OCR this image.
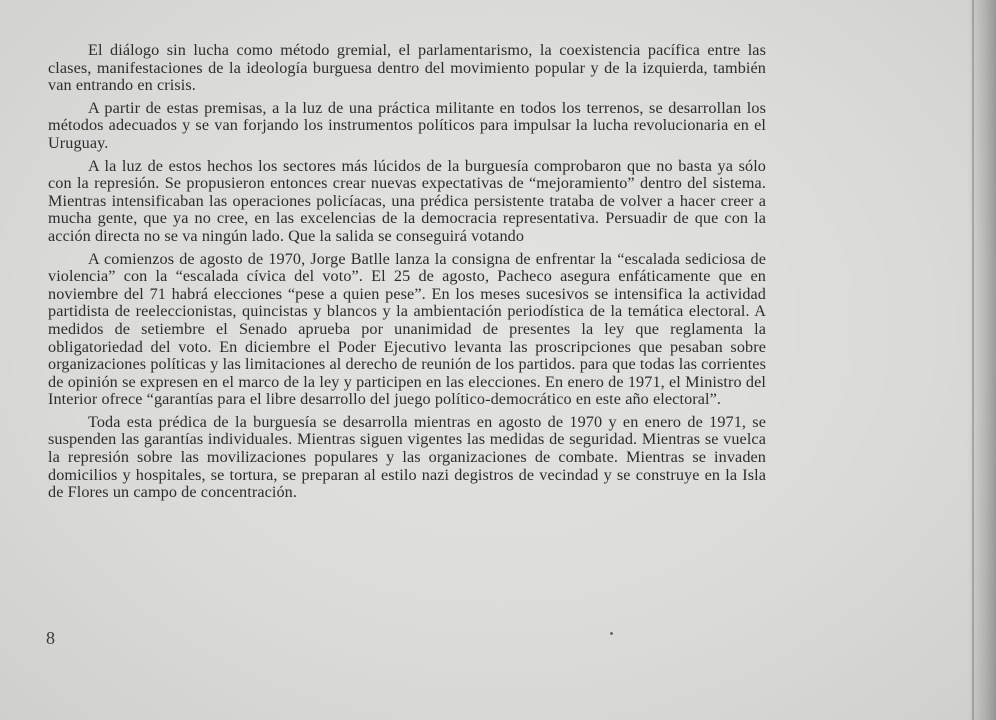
El diálogo sin lucha como método gremial, el parlamentarismo, la coexistencia pacífica entre las clases, manifestaciones de la ideología burguesa dentro del movimiento popular y de la izquierda, también van entrando en crisis.

A partir de estas premisas, a la luz de una práctica militante en todos los terrenos, se desarrollan los métodos adecuados y se van forjando los instrumentos políticos para impulsar la lucha revolucionaria en el Uruguay.

A la luz de estos hechos los sectores más lúcidos de la burguesía comprobaron que no basta ya sólo con la represión. Se propusieron entonces crear nuevas expectativas de “mejoramiento” dentro del sistema. Mientras intensificaban las operaciones policíacas, una prédica persistente trataba de volver a hacer creer a mucha gente, que ya no cree, en las excelencias de la democracia representativa. Persuadir de que con la acción directa no se va ningún lado. Que la salida se conseguirá votando

A comienzos de agosto de 1970, Jorge Batlle lanza la consigna de enfrentar la “escalada sediciosa de violencia” con la “escalada cívica del voto”. El 25 de agosto, Pacheco asegura enfáticamente que en noviembre del 71 habrá elecciones “pese a quien pese”. En los meses sucesivos se intensifica la actividad partidista de reeleccionistas, quincistas y blancos y la ambientación periodística de la temática electoral. A medidos de setiembre el Senado aprueba por unanimidad de presentes la ley que reglamenta la obligatoriedad del voto. En diciembre el Poder Ejecutivo levanta las proscripciones que pesaban sobre organizaciones políticas y las limitaciones al derecho de reunión de los partidos. para que todas las corrientes de opinión se expresen en el marco de la ley y participen en las elecciones. En enero de 1971, el Ministro del Interior ofrece “garantías para el libre desarrollo del juego político-democrático en este año electoral”.

Toda esta prédica de la burguesía se desarrolla mientras en agosto de 1970 y en enero de 1971, se suspenden las garantías individuales. Mientras siguen vigentes las medidas de seguridad. Mientras se vuelca la represión sobre las movilizaciones populares y las organizaciones de combate. Mientras se invaden domicilios y hospitales, se tortura, se preparan al estilo nazi degistros de vecindad y se construye en la Isla de Flores un campo de concentración.

8
